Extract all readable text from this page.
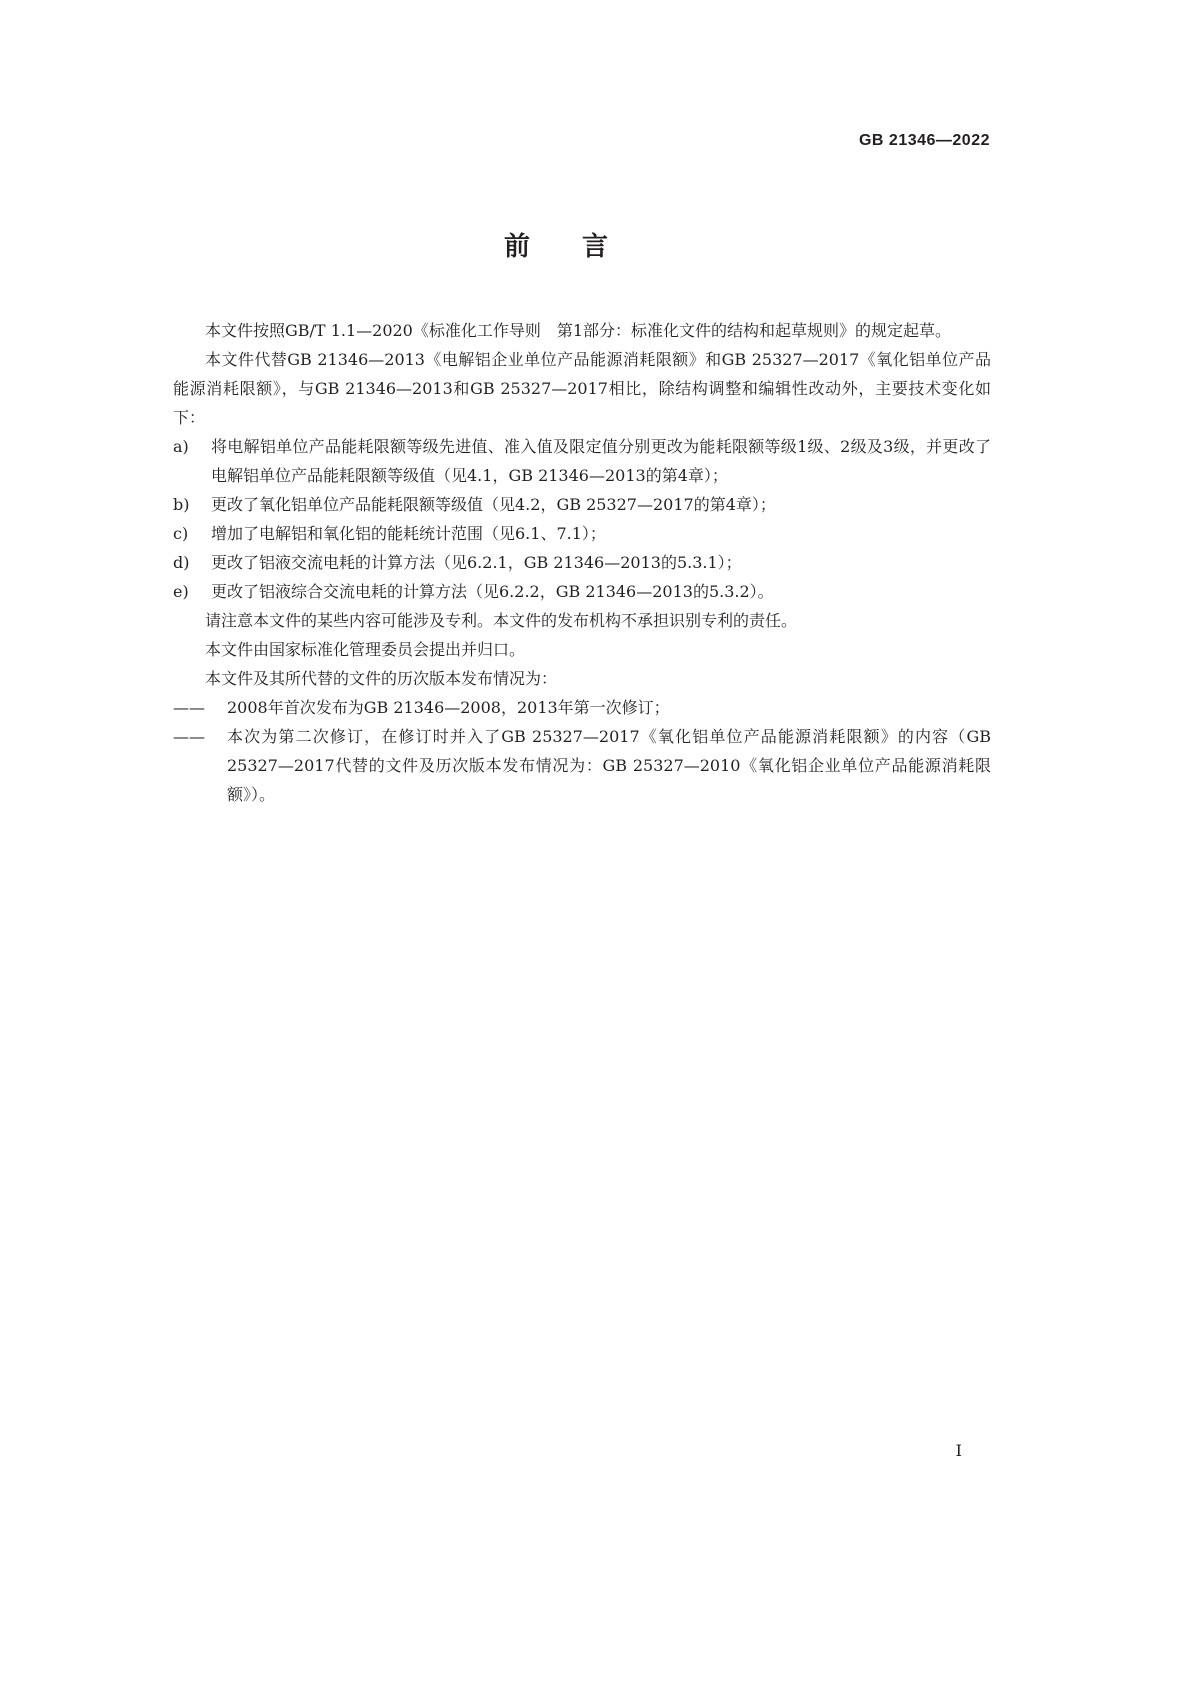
GB 21346—2022
前言

本文件按照GB/T 1.1—2020《标准化工作导则　第1部分：标准化文件的结构和起草规则》的规定起草。

本文件代替GB 21346—2013《电解铝企业单位产品能源消耗限额》和GB 25327—2017《氧化铝单位产品能源消耗限额》，与GB 21346—2013和GB 25327—2017相比，除结构调整和编辑性改动外，主要技术变化如下：

a) 将电解铝单位产品能耗限额等级先进值、准入值及限定值分别更改为能耗限额等级1级、2级及3级，并更改了电解铝单位产品能耗限额等级值（见4.1，GB 21346—2013的第4章）；

b) 更改了氧化铝单位产品能耗限额等级值（见4.2，GB 25327—2017的第4章）；

c) 增加了电解铝和氧化铝的能耗统计范围（见6.1、7.1）；

d) 更改了铝液交流电耗的计算方法（见6.2.1，GB 21346—2013的5.3.1）；

e) 更改了铝液综合交流电耗的计算方法（见6.2.2，GB 21346—2013的5.3.2）。

请注意本文件的某些内容可能涉及专利。本文件的发布机构不承担识别专利的责任。

本文件由国家标准化管理委员会提出并归口。

本文件及其所代替的文件的历次版本发布情况为：

—— 2008年首次发布为GB 21346—2008，2013年第一次修订；

—— 本次为第二次修订，在修订时并入了GB 25327—2017《氧化铝单位产品能源消耗限额》的内容（GB 25327—2017代替的文件及历次版本发布情况为：GB 25327—2010《氧化铝企业单位产品能源消耗限额》）。

I
